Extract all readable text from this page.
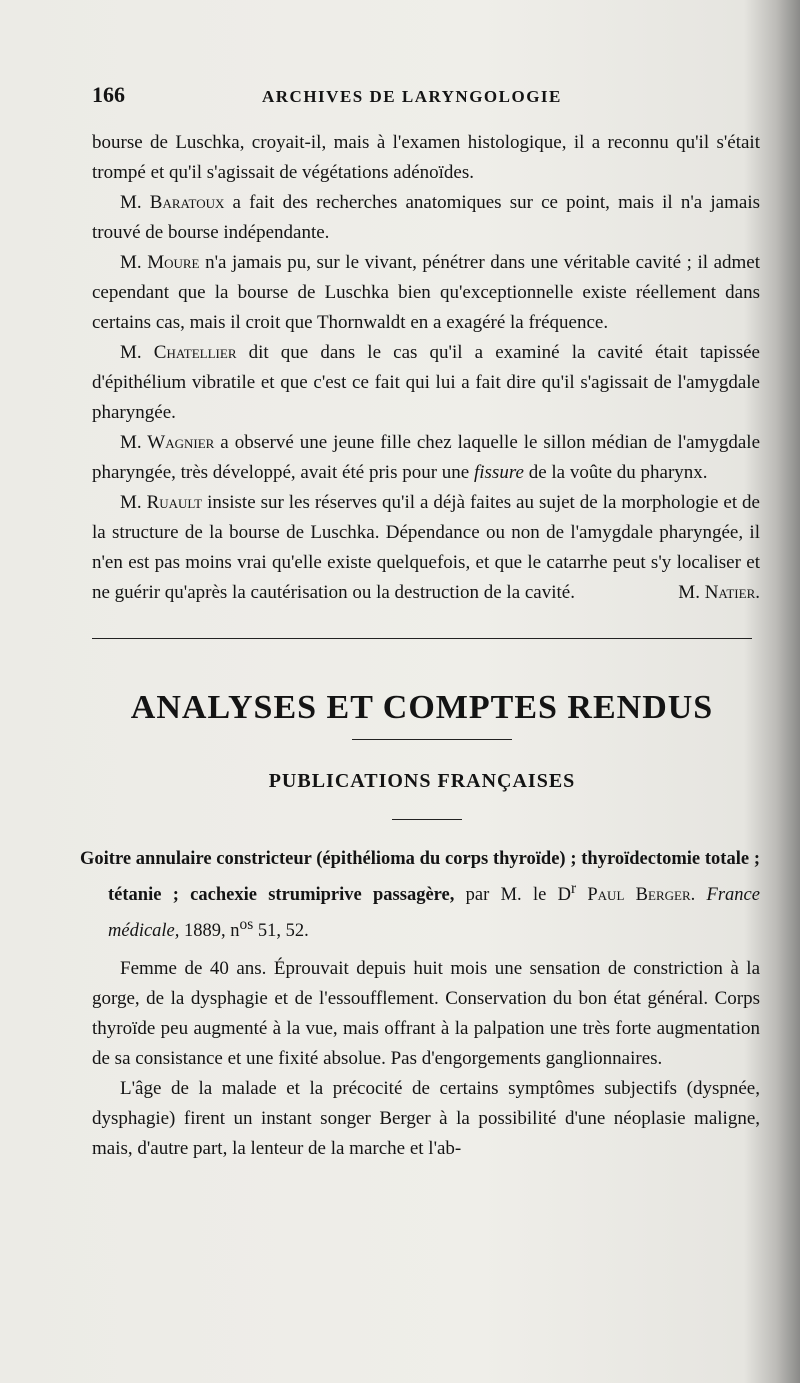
166	ARCHIVES DE LARYNGOLOGIE

bourse de Luschka, croyait-il, mais à l'examen histologique, il a reconnu qu'il s'était trompé et qu'il s'agissait de végétations adénoïdes.

M. Baratoux a fait des recherches anatomiques sur ce point, mais il n'a jamais trouvé de bourse indépendante.

M. Moure n'a jamais pu, sur le vivant, pénétrer dans une véritable cavité ; il admet cependant que la bourse de Luschka bien qu'exceptionnelle existe réellement dans certains cas, mais il croit que Thornwaldt en a exagéré la fréquence.

M. Chatellier dit que dans le cas qu'il a examiné la cavité était tapissée d'épithélium vibratile et que c'est ce fait qui lui a fait dire qu'il s'agissait de l'amygdale pharyngée.

M. Wagnier a observé une jeune fille chez laquelle le sillon médian de l'amygdale pharyngée, très développé, avait été pris pour une fissure de la voûte du pharynx.

M. Ruault insiste sur les réserves qu'il a déjà faites au sujet de la morphologie et de la structure de la bourse de Luschka. Dépendance ou non de l'amygdale pharyngée, il n'en est pas moins vrai qu'elle existe quelquefois, et que le catarrhe peut s'y localiser et ne guérir qu'après la cautérisation ou la destruction de la cavité.	M. Natier.

ANALYSES ET COMPTES RENDUS
PUBLICATIONS FRANÇAISES

Goitre annulaire constricteur (épithélioma du corps thyroïde) ; thyroïdectomie totale ; tétanie ; cachexie strumiprive passagère, par M. le $D^r$ Paul Berger. France médicale, 1889, $n^{os}$ 51, 52.

Femme de 40 ans. Éprouvait depuis huit mois une sensation de constriction à la gorge, de la dysphagie et de l'essoufflement. Conservation du bon état général. Corps thyroïde peu augmenté à la vue, mais offrant à la palpation une très forte augmentation de sa consistance et une fixité absolue. Pas d'engorgements ganglionnaires.

L'âge de la malade et la précocité de certains symptômes subjectifs (dyspnée, dysphagie) firent un instant songer Berger à la possibilité d'une néoplasie maligne, mais, d'autre part, la lenteur de la marche et l'ab-
